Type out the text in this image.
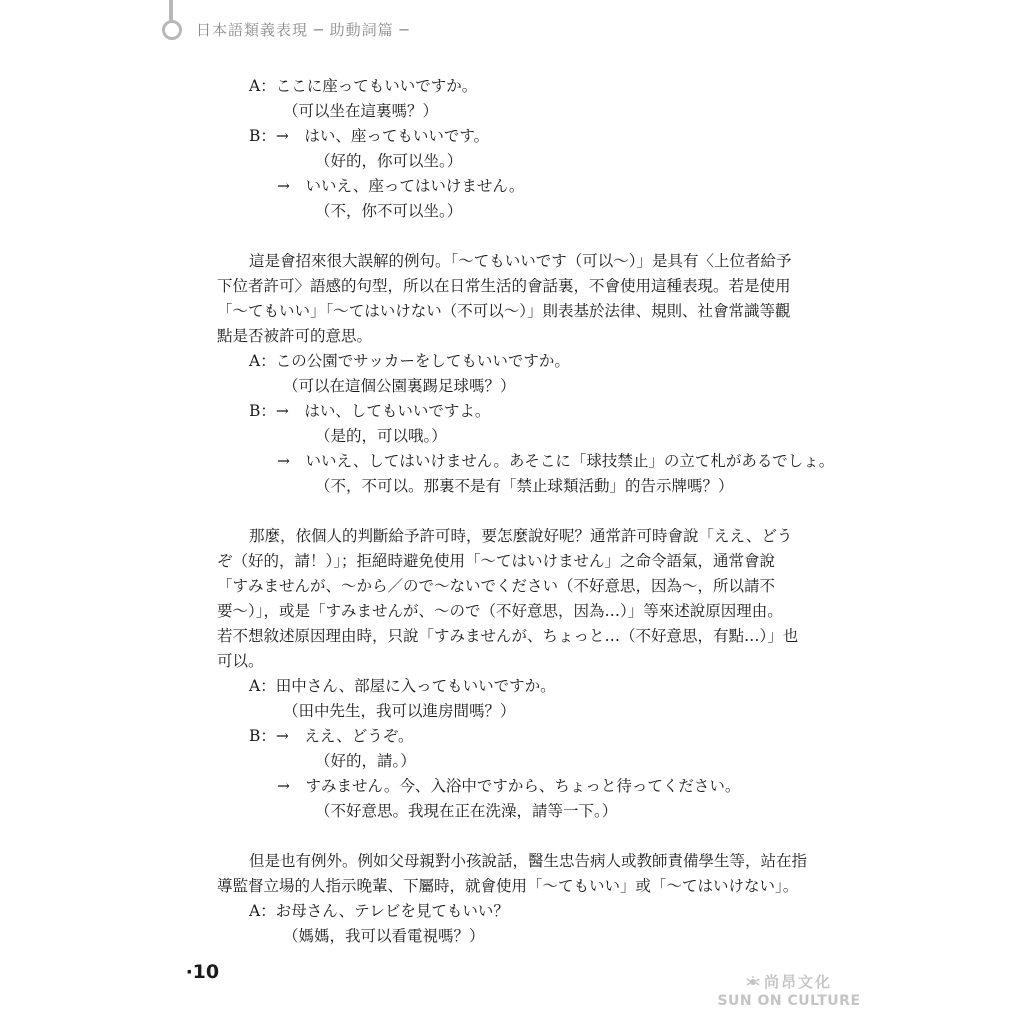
日本語類義表現 ─ 助動詞篇 ─
A：ここに座ってもいいですか。
（可以坐在這裏嗎？）
B：→　はい、座ってもいいです。
（好的，你可以坐。）
→　いいえ、座ってはいけません。
（不，你不可以坐。）
這是會招來很大誤解的例句。「～てもいいです（可以～）」是具有〈上位者給予
下位者許可〉語感的句型，所以在日常生活的會話裏，不會使用這種表現。若是使用
「～てもいい」「～てはいけない（不可以～）」則表基於法律、規則、社會常識等觀
點是否被許可的意思。
A：この公園でサッカーをしてもいいですか。
（可以在這個公園裏踢足球嗎？）
B：→　はい、してもいいですよ。
（是的，可以哦。）
→　いいえ、してはいけません。あそこに「球技禁止」の立て札があるでしょ。
（不，不可以。那裏不是有「禁止球類活動」的告示牌嗎？）
那麼，依個人的判斷給予許可時，要怎麼說好呢？通常許可時會說「ええ、どう
ぞ（好的，請！）」；拒絕時避免使用「～てはいけません」之命令語氣，通常會說
「すみませんが、～から／ので～ないでください（不好意思，因為～，所以請不
要～）」，或是「すみませんが、～ので（不好意思，因為…）」等來述說原因理由。
若不想敘述原因理由時，只說「すみませんが、ちょっと…（不好意思，有點…）」也
可以。
A：田中さん、部屋に入ってもいいですか。
（田中先生，我可以進房間嗎？）
B：→　ええ、どうぞ。
（好的，請。）
→　すみません。今、入浴中ですから、ちょっと待ってください。
（不好意思。我現在正在洗澡，請等一下。）
但是也有例外。例如父母親對小孩說話，醫生忠告病人或教師責備學生等，站在指
導監督立場的人指示晚輩、下屬時，就會使用「～てもいい」或「～てはいけない」。
A：お母さん、テレビを見てもいい？
（媽媽，我可以看電視嗎？）
‧10	尚昂文化
SUN ON CULTURE
